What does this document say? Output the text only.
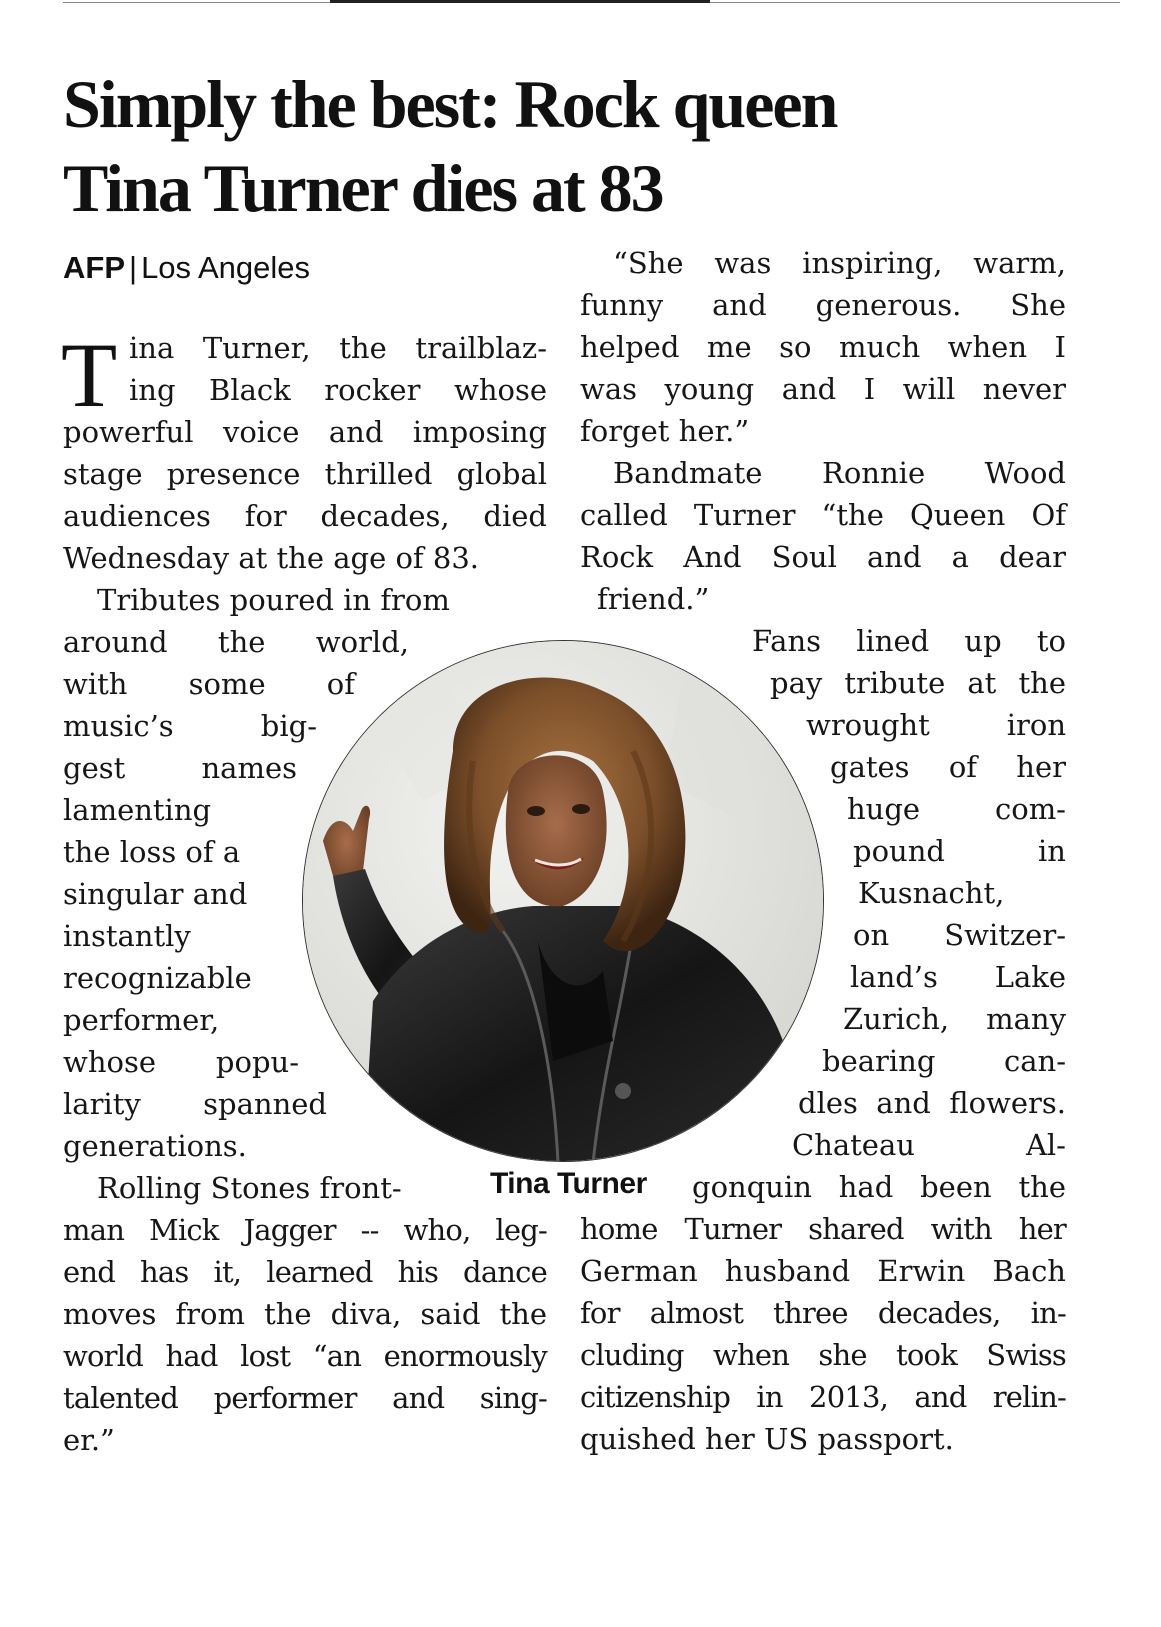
Simply the best: Rock queen
Tina Turner dies at 83
AFP | Los Angeles
T ina Turner, the trailblaz-
ing Black rocker whose
powerful voice and imposing
stage presence thrilled global
audiences for decades, died
Wednesday at the age of 83.
Tributes poured in from
around the world,
with some of
music’s big-
gest names
lamenting
the loss of a
singular and
instantly
recognizable
performer,
whose popu-
larity spanned
generations.
Rolling Stones front-
man Mick Jagger -- who, leg-
end has it, learned his dance
moves from the diva, said the
world had lost “an enormously
talented performer and sing-
er.”
“She was inspiring, warm,
funny and generous. She
helped me so much when I
was young and I will never
forget her.”
Bandmate Ronnie Wood
called Turner “the Queen Of
Rock And Soul and a dear
friend.”
Fans lined up to
pay tribute at the
wrought iron
gates of her
huge com-
pound in
Kusnacht,
on Switzer-
land’s Lake
Zurich, many
bearing can-
dles and flowers.
Chateau Al-
gonquin had been the
home Turner shared with her
German husband Erwin Bach
for almost three decades, in-
cluding when she took Swiss
citizenship in 2013, and relin-
quished her US passport.
Tina Turner
